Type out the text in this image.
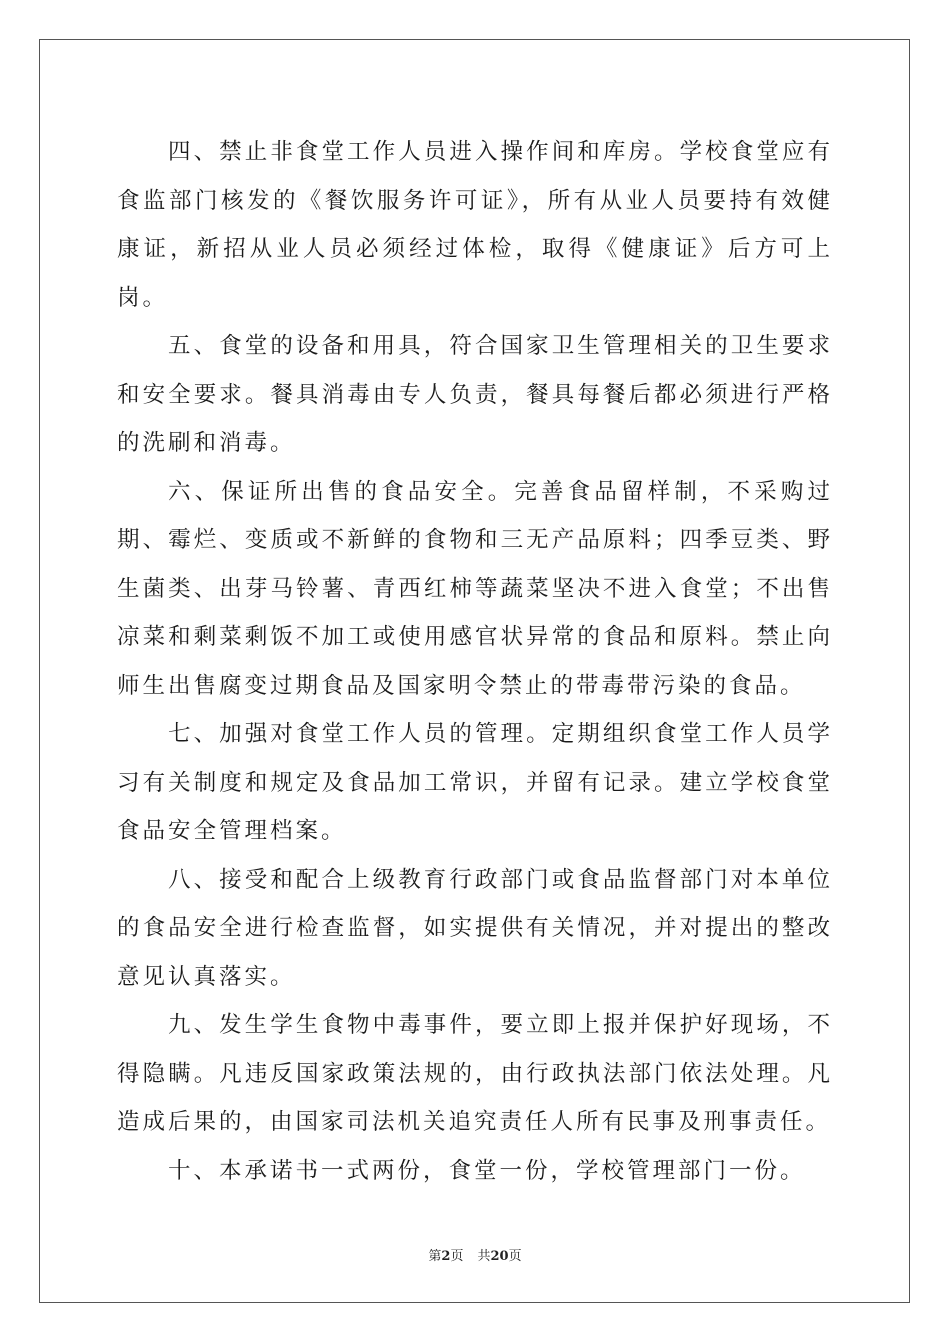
四、禁止非食堂工作人员进入操作间和库房。学校食堂应有食监部门核发的《餐饮服务许可证》，所有从业人员要持有效健康证，新招从业人员必须经过体检，取得《健康证》后方可上岗。

五、食堂的设备和用具，符合国家卫生管理相关的卫生要求和安全要求。餐具消毒由专人负责，餐具每餐后都必须进行严格的洗刷和消毒。

六、保证所出售的食品安全。完善食品留样制，不采购过期、霉烂、变质或不新鲜的食物和三无产品原料；四季豆类、野生菌类、出芽马铃薯、青西红柿等蔬菜坚决不进入食堂；不出售凉菜和剩菜剩饭不加工或使用感官状异常的食品和原料。禁止向师生出售腐变过期食品及国家明令禁止的带毒带污染的食品。

七、加强对食堂工作人员的管理。定期组织食堂工作人员学习有关制度和规定及食品加工常识，并留有记录。建立学校食堂食品安全管理档案。

八、接受和配合上级教育行政部门或食品监督部门对本单位的食品安全进行检查监督，如实提供有关情况，并对提出的整改意见认真落实。

九、发生学生食物中毒事件，要立即上报并保护好现场，不得隐瞒。凡违反国家政策法规的，由行政执法部门依法处理。凡造成后果的，由国家司法机关追究责任人所有民事及刑事责任。

十、本承诺书一式两份，食堂一份，学校管理部门一份。

第2页 共20页
